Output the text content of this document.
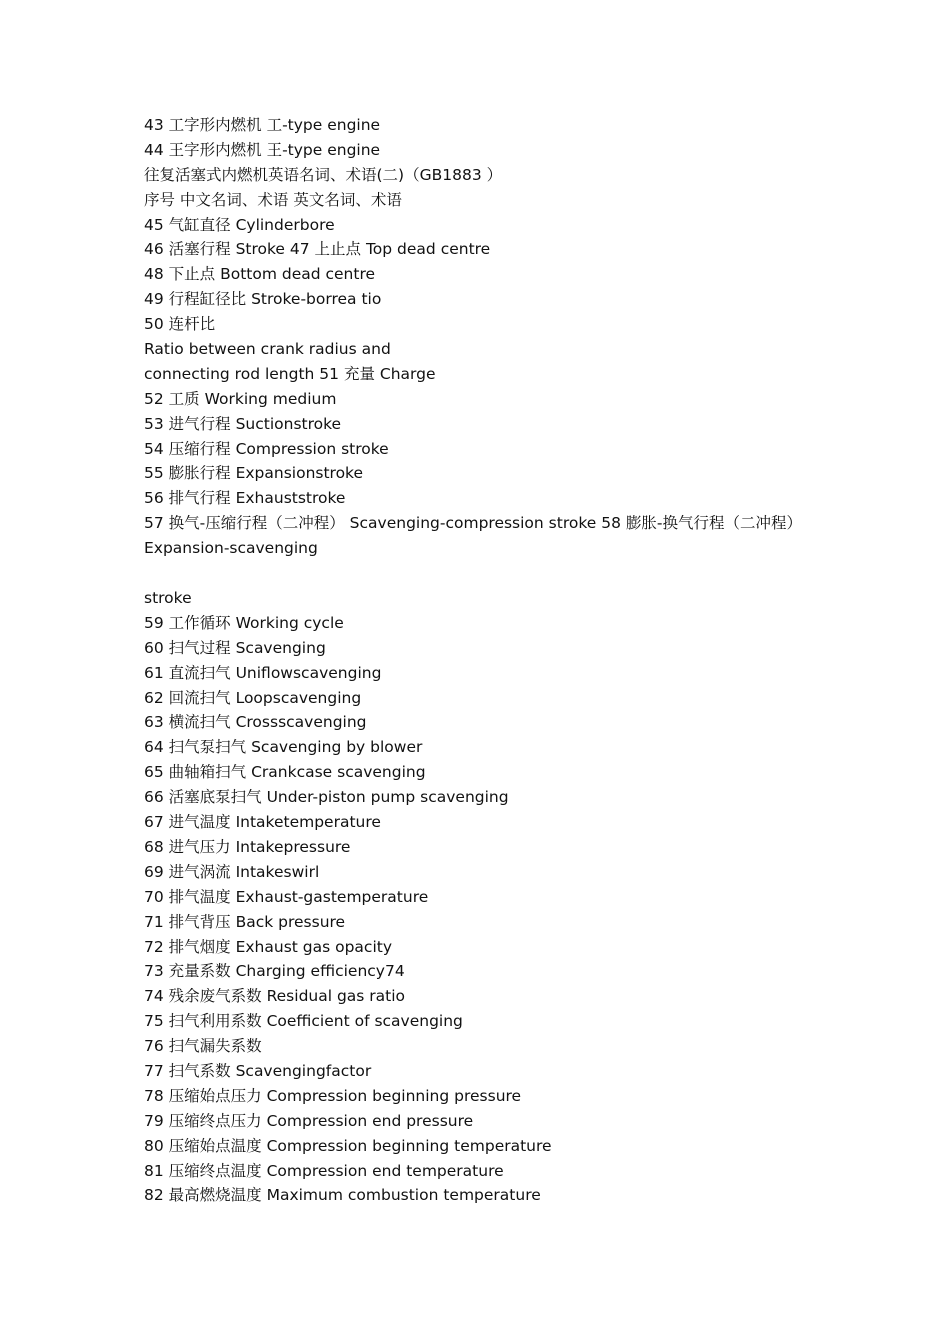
43 工字形内燃机 工-type engine
44 王字形内燃机 王-type engine
往复活塞式内燃机英语名词、术语(二)（GB1883 ）
序号 中文名词、术语 英文名词、术语
45 气缸直径 Cylinderbore
46 活塞行程 Stroke 47 上止点 Top dead centre
48 下止点 Bottom dead centre
49 行程缸径比 Stroke-borrea tio
50 连杆比
Ratio between crank radius and
connecting rod length 51 充量 Charge
52 工质 Working medium
53 进气行程 Suctionstroke
54 压缩行程 Compression stroke
55 膨胀行程 Expansionstroke
56 排气行程 Exhauststroke
57 换气-压缩行程（二冲程） Scavenging-compression stroke 58 膨胀-换气行程（二冲程）
Expansion-scavenging
stroke
59 工作循环 Working cycle
60 扫气过程 Scavenging
61 直流扫气 Uniflowscavenging
62 回流扫气 Loopscavenging
63 横流扫气 Crossscavenging
64 扫气泵扫气 Scavenging by blower
65 曲轴箱扫气 Crankcase scavenging
66 活塞底泵扫气 Under-piston pump scavenging
67 进气温度 Intaketemperature
68 进气压力 Intakepressure
69 进气涡流 Intakeswirl
70 排气温度 Exhaust-gastemperature
71 排气背压 Back pressure
72 排气烟度 Exhaust gas opacity
73 充量系数 Charging efficiency74
74 残余废气系数 Residual gas ratio
75 扫气利用系数 Coefficient of scavenging
76 扫气漏失系数
77 扫气系数 Scavengingfactor
78 压缩始点压力 Compression beginning pressure
79 压缩终点压力 Compression end pressure
80 压缩始点温度 Compression beginning temperature
81 压缩终点温度 Compression end temperature
82 最高燃烧温度 Maximum combustion temperature
